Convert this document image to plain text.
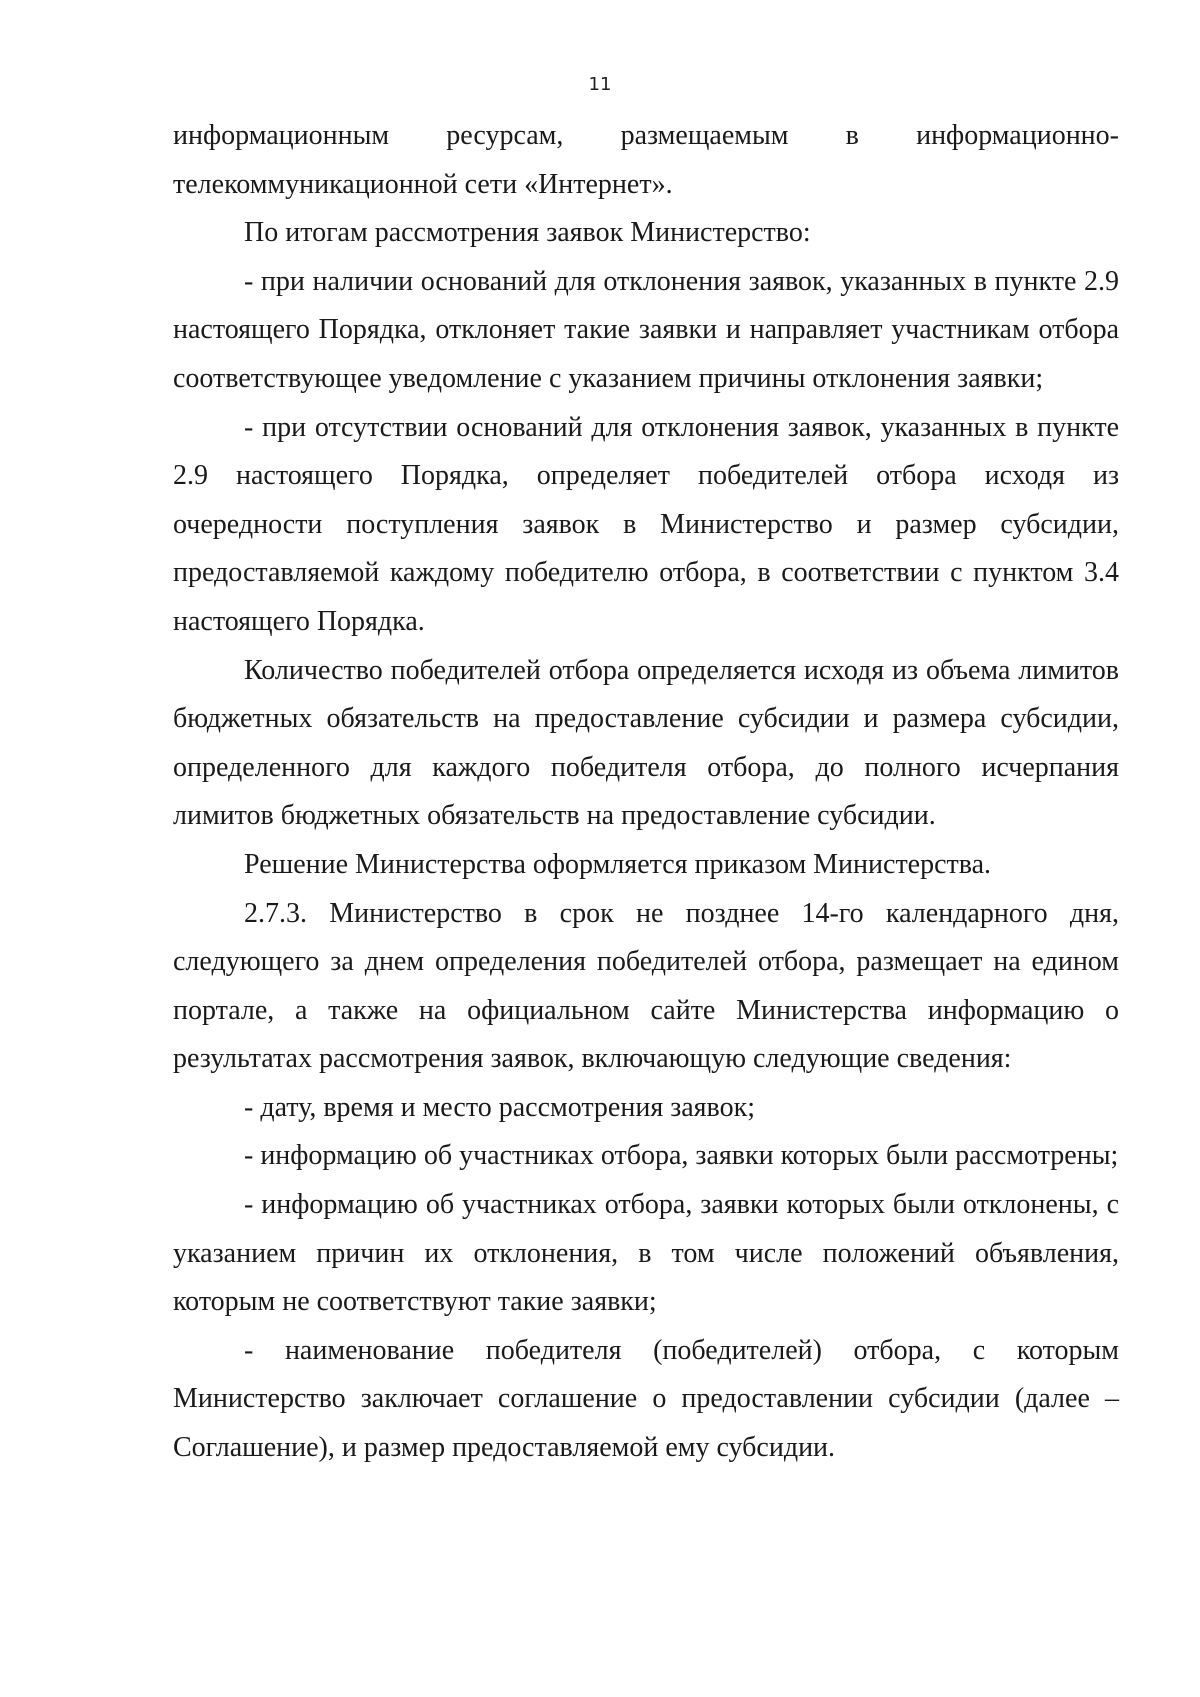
11

информационным ресурсам, размещаемым в информационно-телекоммуникационной сети «Интернет».

По итогам рассмотрения заявок Министерство:

- при наличии оснований для отклонения заявок, указанных в пункте 2.9 настоящего Порядка, отклоняет такие заявки и направляет участникам отбора соответствующее уведомление с указанием причины отклонения заявки;

- при отсутствии оснований для отклонения заявок, указанных в пункте 2.9 настоящего Порядка, определяет победителей отбора исходя из очередности поступления заявок в Министерство и размер субсидии, предоставляемой каждому победителю отбора, в соответствии с пунктом 3.4 настоящего Порядка.

Количество победителей отбора определяется исходя из объема лимитов бюджетных обязательств на предоставление субсидии и размера субсидии, определенного для каждого победителя отбора, до полного исчерпания лимитов бюджетных обязательств на предоставление субсидии.

Решение Министерства оформляется приказом Министерства.

2.7.3. Министерство в срок не позднее 14-го календарного дня, следующего за днем определения победителей отбора, размещает на едином портале, а также на официальном сайте Министерства информацию о результатах рассмотрения заявок, включающую следующие сведения:

- дату, время и место рассмотрения заявок;

- информацию об участниках отбора, заявки которых были рассмотрены;

- информацию об участниках отбора, заявки которых были отклонены, с указанием причин их отклонения, в том числе положений объявления, которым не соответствуют такие заявки;

- наименование победителя (победителей) отбора, с которым Министерство заключает соглашение о предоставлении субсидии (далее – Соглашение), и размер предоставляемой ему субсидии.
